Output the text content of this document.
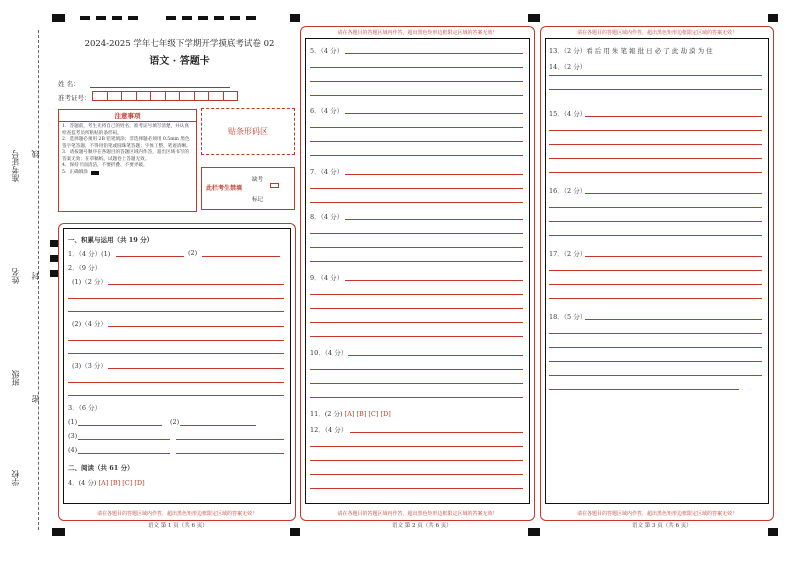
准考证号 线
姓名 封
班级
密
学校
2024-2025 学年七年级下学期开学摸底考试卷 02
语文 · 答题卡
姓 名：
准考证号：
注意事项
1．答题前，考生先将自己的姓名，准考证号填写清楚，并认真检查监考员所粘贴的条形码。
2．选择题必须用 2B 铅笔填涂；非选择题必须用 0.5mm 黑色签字笔答题，不得用铅笔或圆珠笔答题；字体工整、笔迹清晰。
3．请按题号顺序在各题目的答题区域内作答，超出区域书写的答案无效；在草稿纸、试题卷上答题无效。
4．保持卡面清洁，不要折叠、不要弄破。
5．正确填涂
贴条形码区
此栏考生禁填
缺考
标记
请在各题目的答题区域内作答，超出黑色矩形边框限定区域的答案无效！
一、积累与运用（共 19 分）
1．（4 分）(1)	(2)
2．（9 分）
(1)（2 分）
(2)（4 分）
(3)（3 分）
3．（6 分）
(1)	(2)
(3)
(4)
二、阅读（共 61 分）
4．(4 分) [A] [B] [C] [D]
语文 第 1 页（共 6 页）
请在各题目的答题区域内作答，超出黑色矩形边框限定区域的答案无效！
请在各题目的答题区域内作答，超出黑色矩形边框限定区域的答案无效！
5．（4 分）
6．（4 分）
7．（4 分）
8．（4 分）
9．（4 分）
10．（4 分）
11．(2 分) [A] [B] [C] [D]
12．（4 分）
语文 第 2 页（共 6 页）
请在各题目的答题区域内作答，超出黑色矩形边框限定区域的答案无效！
请在各题目的答题区域内作答，超出黑色矩形边框限定区域的答案无效！
13．（2 分）看 后 用 朱 笔 報 批 日 必 了 此 劫 漠 为 住
14．（2 分）
15．（4 分）
16．（2 分）
17．（2 分）
18．（5 分）
语文 第 3 页（共 6 页）
